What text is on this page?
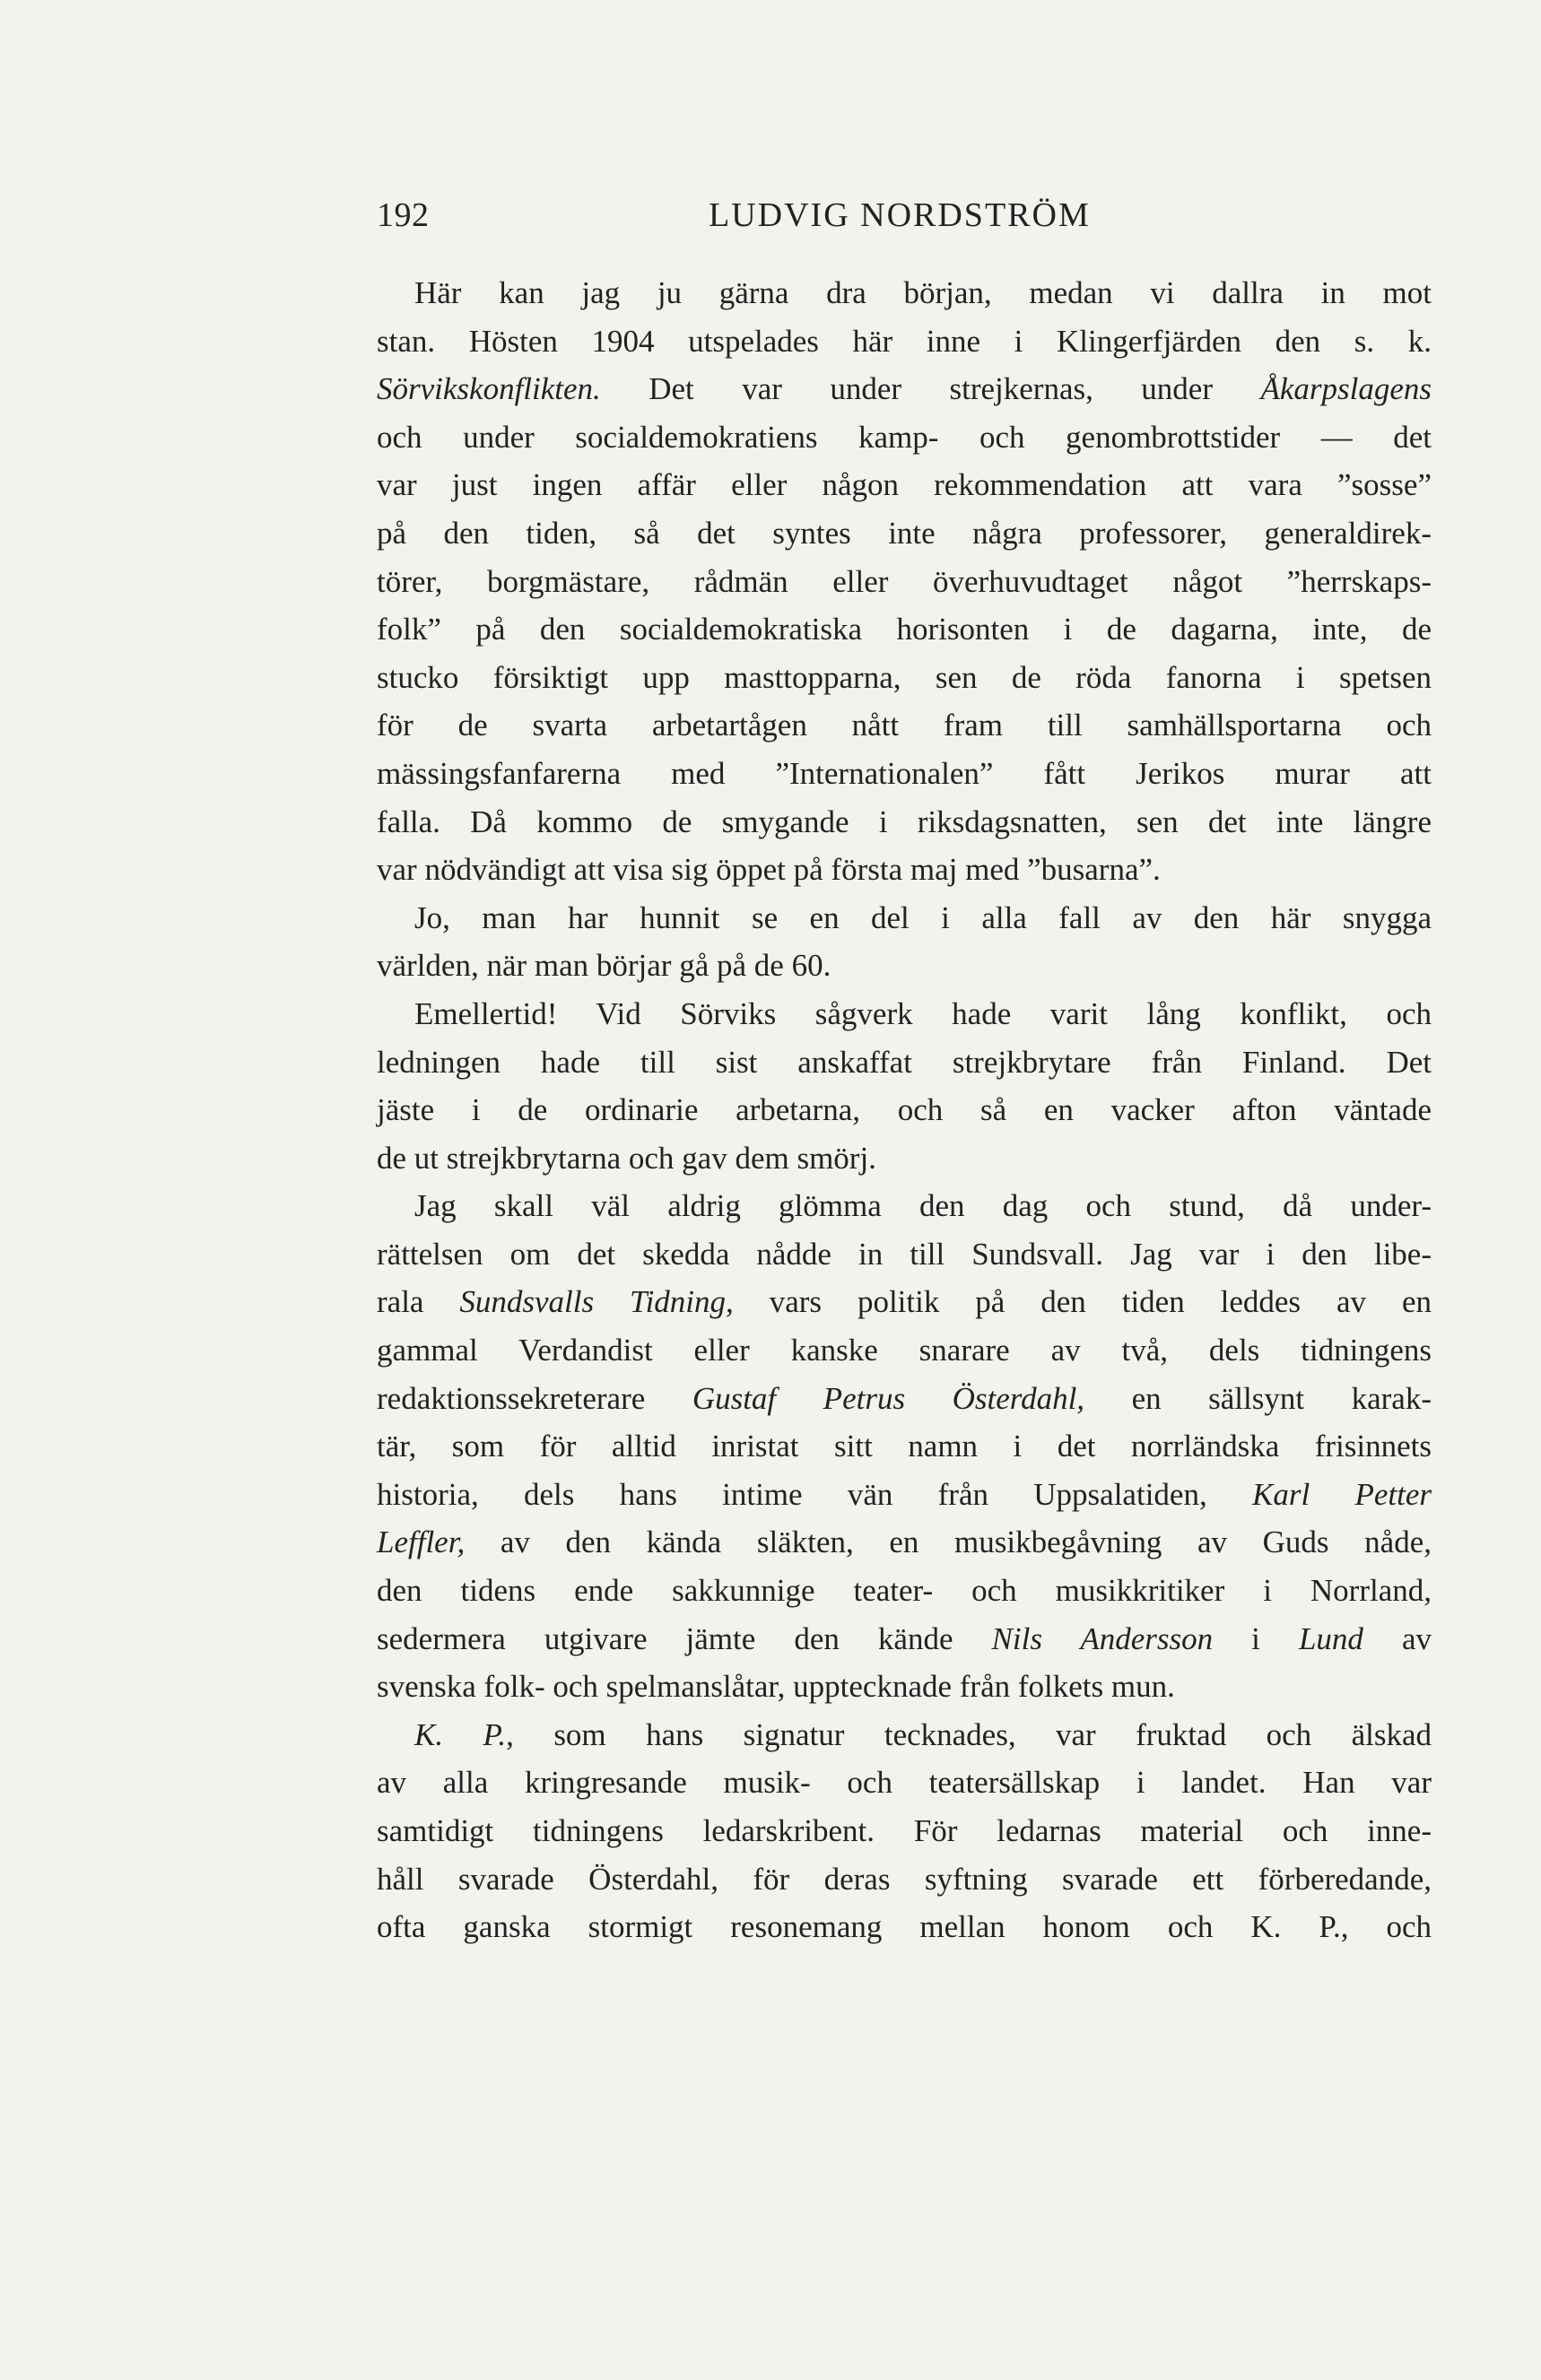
192	LUDVIG NORDSTRÖM
Här kan jag ju gärna dra början, medan vi dallra in mot
stan. Hösten 1904 utspelades här inne i Klingerfjärden den s. k.
Sörvikskonflikten. Det var under strejkernas, under Åkarpslagens
och under socialdemokratiens kamp- och genombrottstider — det
var just ingen affär eller någon rekommendation att vara ”sosse”
på den tiden, så det syntes inte några professorer, generaldirek-
törer, borgmästare, rådmän eller överhuvudtaget något ”herrskaps-
folk” på den socialdemokratiska horisonten i de dagarna, inte, de
stucko försiktigt upp masttopparna, sen de röda fanorna i spetsen
för de svarta arbetartågen nått fram till samhällsportarna och
mässingsfanfarerna med ”Internationalen” fått Jerikos murar att
falla. Då kommo de smygande i riksdagsnatten, sen det inte längre
var nödvändigt att visa sig öppet på första maj med ”busarna”.
Jo, man har hunnit se en del i alla fall av den här snygga
världen, när man börjar gå på de 60.
Emellertid! Vid Sörviks sågverk hade varit lång konflikt, och
ledningen hade till sist anskaffat strejkbrytare från Finland. Det
jäste i de ordinarie arbetarna, och så en vacker afton väntade
de ut strejkbrytarna och gav dem smörj.
Jag skall väl aldrig glömma den dag och stund, då under-
rättelsen om det skedda nådde in till Sundsvall. Jag var i den libe-
rala Sundsvalls Tidning, vars politik på den tiden leddes av en
gammal Verdandist eller kanske snarare av två, dels tidningens
redaktionssekreterare Gustaf Petrus Österdahl, en sällsynt karak-
tär, som för alltid inristat sitt namn i det norrländska frisinnets
historia, dels hans intime vän från Uppsalatiden, Karl Petter
Leffler, av den kända släkten, en musikbegåvning av Guds nåde,
den tidens ende sakkunnige teater- och musikkritiker i Norrland,
sedermera utgivare jämte den kände Nils Andersson i Lund av
svenska folk- och spelmanslåtar, upptecknade från folkets mun.
K. P., som hans signatur tecknades, var fruktad och älskad
av alla kringresande musik- och teatersällskap i landet. Han var
samtidigt tidningens ledarskribent. För ledarnas material och inne-
håll svarade Österdahl, för deras syftning svarade ett förberedande,
ofta ganska stormigt resonemang mellan honom och K. P., och
